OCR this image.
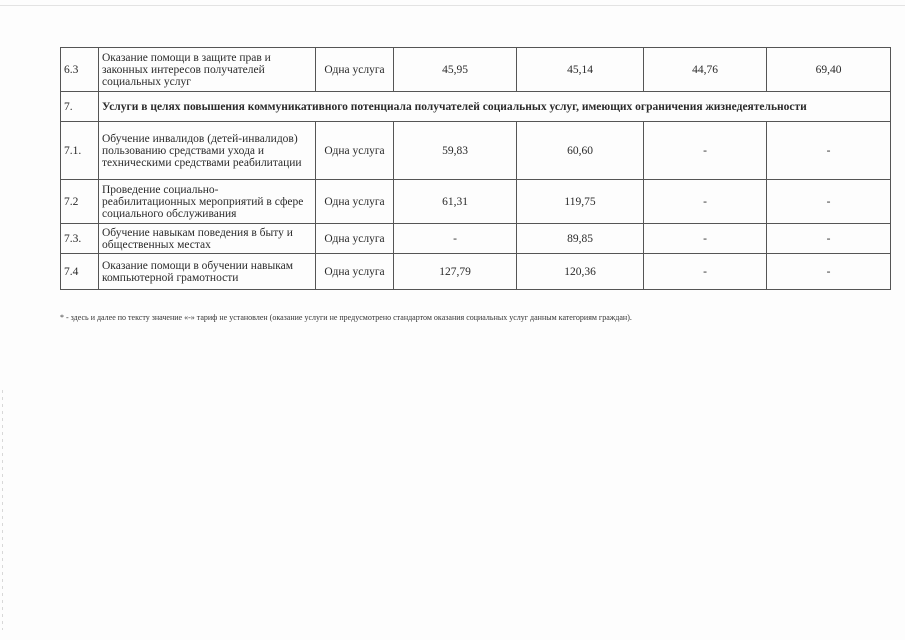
6.3	Оказание помощи в защите прав и законных интересов получателей социальных услуг	Одна услуга	45,95	45,14	44,76	69,40
7.	Услуги в целях повышения коммуникативного потенциала получателей социальных услуг, имеющих ограничения жизнедеятельности					
7.1.	Обучение инвалидов (детей-инвалидов) пользованию средствами ухода и техническими средствами реабилитации	Одна услуга	59,83	60,60	-	-
7.2	Проведение социально-реабилитационных мероприятий в сфере социального обслуживания	Одна услуга	61,31	119,75	-	-
7.3.	Обучение навыкам поведения в быту и общественных местах	Одна услуга	-	89,85	-	-
7.4	Оказание помощи в обучении навыкам компьютерной грамотности	Одна услуга	127,79	120,36	-	-
* - здесь и далее по тексту значение «-» тариф не установлен (оказание услуги не предусмотрено стандартом оказания социальных услуг данным категориям граждан).
